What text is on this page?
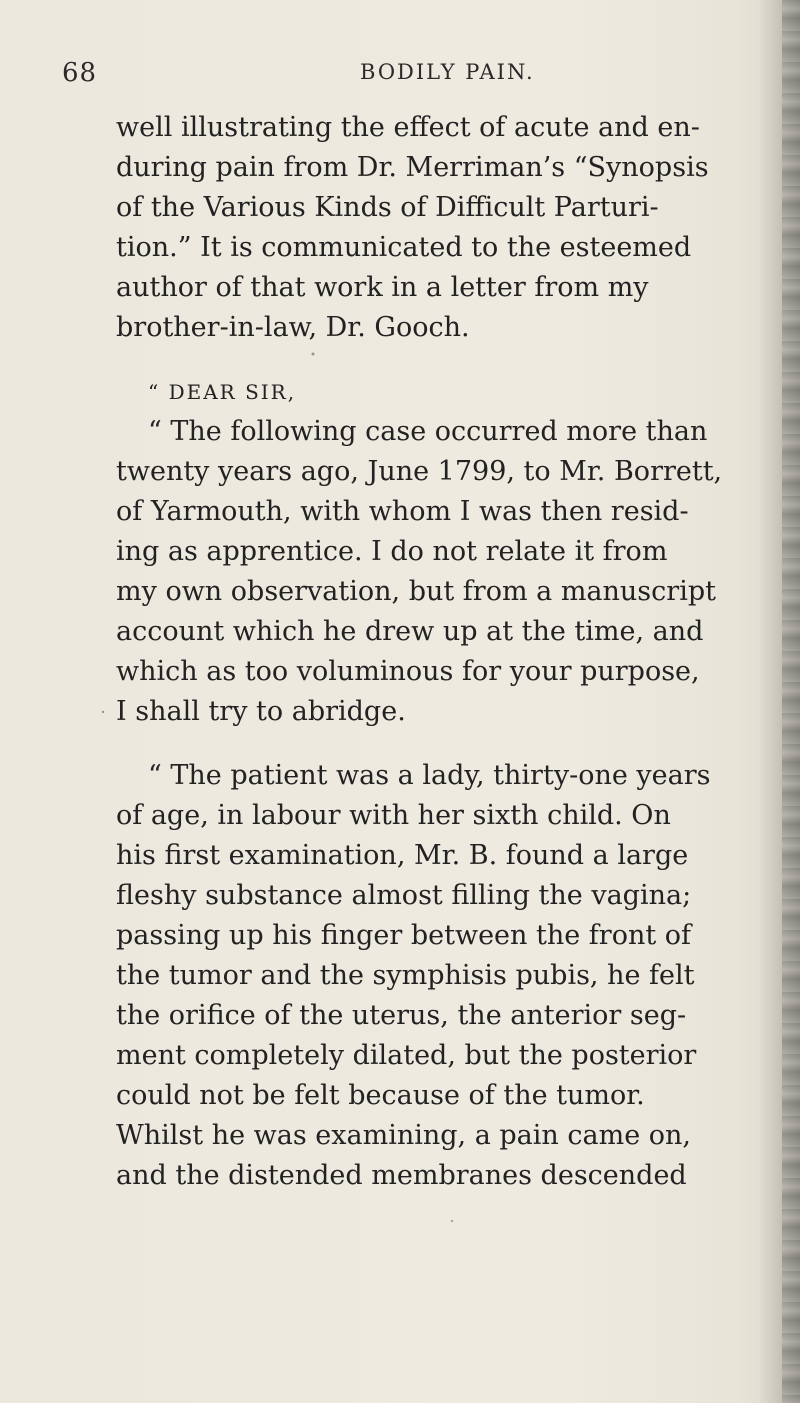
68	BODILY PAIN.

well illustrating the effect of acute and en-
during pain from Dr. Merriman’s “Synopsis
of the Various Kinds of Difficult Parturi-
tion.” It is communicated to the esteemed
author of that work in a letter from my
brother-in-law, Dr. Gooch.

“ DEAR SIR,

“ The following case occurred more than
twenty years ago, June 1799, to Mr. Borrett,
of Yarmouth, with whom I was then resid-
ing as apprentice. I do not relate it from
my own observation, but from a manuscript
account which he drew up at the time, and
which as too voluminous for your purpose,
I shall try to abridge.

“ The patient was a lady, thirty-one years
of age, in labour with her sixth child. On
his first examination, Mr. B. found a large
fleshy substance almost filling the vagina;
passing up his finger between the front of
the tumor and the symphisis pubis, he felt
the orifice of the uterus, the anterior seg-
ment completely dilated, but the posterior
could not be felt because of the tumor.
Whilst he was examining, a pain came on,
and the distended membranes descended
